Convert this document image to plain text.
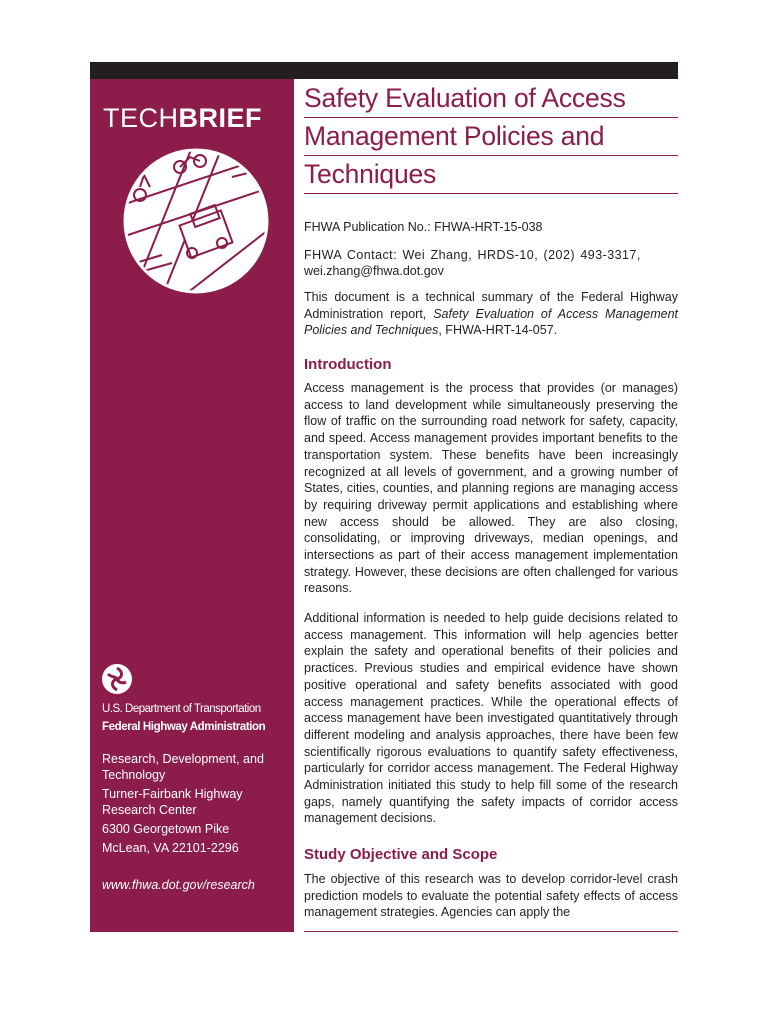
TECHBRIEF
U.S. Department of Transportation
Federal Highway Administration
Research, Development, and
Technology
Turner-Fairbank Highway
Research Center
6300 Georgetown Pike
McLean, VA 22101-2296
www.fhwa.dot.gov/research
Safety Evaluation of Access
Management Policies and
Techniques
FHWA Publication No.: FHWA-HRT-15-038
FHWA Contact: Wei Zhang, HRDS-10, (202) 493-3317,
wei.zhang@fhwa.dot.gov

This document is a technical summary of the Federal Highway Administration report, Safety Evaluation of Access Management Policies and Techniques, FHWA-HRT-14-057.

Introduction

Access management is the process that provides (or manages) access to land development while simultaneously preserving the flow of traffic on the surrounding road network for safety, capacity, and speed. Access management provides important benefits to the transportation system. These benefits have been increasingly recognized at all levels of government, and a growing number of States, cities, counties, and planning regions are managing access by requiring driveway permit applications and establishing where new access should be allowed. They are also closing, consolidating, or improving driveways, median openings, and intersections as part of their access management implementation strategy. However, these decisions are often challenged for various reasons.

Additional information is needed to help guide decisions related to access management. This information will help agencies better explain the safety and operational benefits of their policies and practices. Previous studies and empirical evidence have shown positive operational and safety benefits associated with good access management practices. While the operational effects of access management have been investigated quantitatively through different modeling and analysis approaches, there have been few scientifically rigorous evaluations to quantify safety effectiveness, particularly for corridor access management. The Federal Highway Administration initiated this study to help fill some of the research gaps, namely quantifying the safety impacts of corridor access management decisions.

Study Objective and Scope

The objective of this research was to develop corridor-level crash prediction models to evaluate the potential safety effects of access management strategies. Agencies can apply the
